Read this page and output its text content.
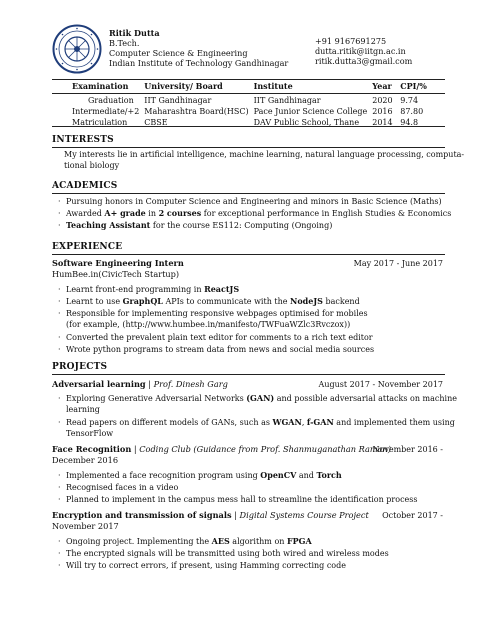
Ritik Dutta
B.Tech.
Computer Science & Engineering
Indian Institute of Technology Gandhinagar
+91 9167691275
dutta.ritik@iitgn.ac.in
ritik.dutta3@gmail.com
Examination	University/ Board	Institute	Year	CPI/%

Graduation	IIT Gandhinagar	IIT Gandhinagar	2020	9.74
Intermediate/+2	Maharashtra Board(HSC)	Pace Junior Science College	2016	87.80
Matriculation	CBSE	DAV Public School, Thane	2014	94.8
INTERESTS
My interests lie in artificial intelligence, machine learning, natural language processing, computa-
tional biology
ACADEMICS
· Pursuing honors in Computer Science and Engineering and minors in Basic Science (Maths)
· Awarded A+ grade in 2 courses for exceptional performance in English Studies & Economics
· Teaching Assistant for the course ES112: Computing (Ongoing)
EXPERIENCE
Software Engineering Intern	May 2017 - June 2017
HumBee.in(CivicTech Startup)
· Learnt front-end programming in ReactJS
· Learnt to use GraphQL APIs to communicate with the NodeJS backend
· Responsible for implementing responsive webpages optimised for mobiles
(for example, (http://www.humbee.in/manifesto/TWFuaWZlc3Rvczox))
· Converted the prevalent plain text editor for comments to a rich text editor
· Wrote python programs to stream data from news and social media sources
PROJECTS
Adversarial learning | Prof. Dinesh Garg	August 2017 - November 2017
· Exploring Generative Adversarial Networks (GAN) and possible adversarial attacks on machine
learning
· Read papers on different models of GANs, such as WGAN, f-GAN and implemented them using
TensorFlow
Face Recognition | Coding Club (Guidance from Prof. Shanmuganathan Raman)
November 2016 -
December 2016
· Implemented a face recognition program using OpenCV and Torch
· Recognised faces in a video
· Planned to implement in the campus mess hall to streamline the identification process
Encryption and transmission of signals | Digital Systems Course Project October 2017 -
November 2017
· Ongoing project. Implementing the AES algorithm on FPGA
· The encrypted signals will be transmitted using both wired and wireless modes
· Will try to correct errors, if present, using Hamming correcting code
